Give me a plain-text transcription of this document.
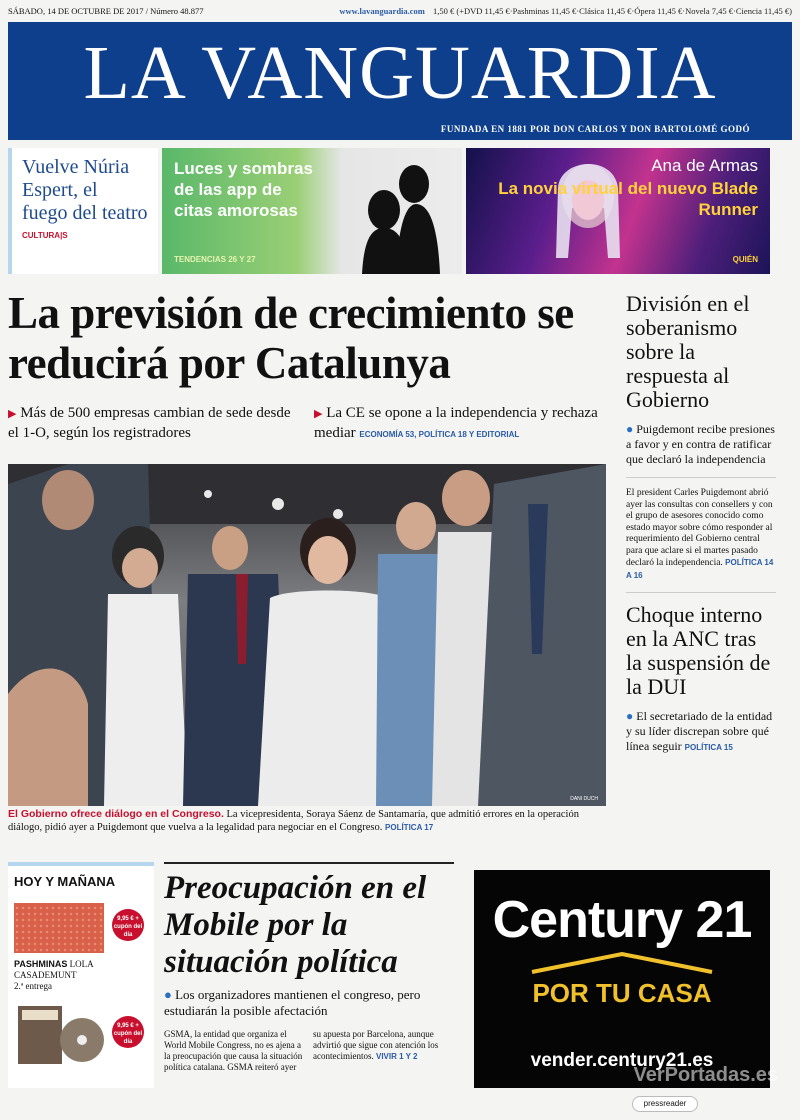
SÁBADO, 14 DE OCTUBRE DE 2017 / Número 48.877	www.lavanguardia.com 1,50 € (+DVD 11,45 €·Pashminas 11,45 €·Clásica 11,45 €·Ópera 11,45 €·Novela 7,45 €·Ciencia 11,45 €)
LA VANGUARDIA
FUNDADA EN 1881 POR DON CARLOS Y DON BARTOLOMÉ GODÓ
Vuelve Núria Espert, el fuego del teatro
CULTURA|S
Luces y sombras de las app de citas amorosas
TENDENCIAS 26 Y 27
Ana de Armas
La novia virtual del nuevo Blade Runner
QUIÉN
La previsión de crecimiento se reducirá por Catalunya
▶ Más de 500 empresas cambian de sede desde el 1-O, según los registradores
▶ La CE se opone a la independencia y rechaza mediar ECONOMÍA 53, POLÍTICA 18 Y EDITORIAL
DANI DUCH
El Gobierno ofrece diálogo en el Congreso. La vicepresidenta, Soraya Sáenz de Santamaría, que admitió errores en la operación diálogo, pidió ayer a Puigdemont que vuelva a la legalidad para negociar en el Congreso. POLÍTICA 17
División en el soberanismo sobre la respuesta al Gobierno
● Puigdemont recibe presiones a favor y en contra de ratificar que declaró la independencia
El president Carles Puigdemont abrió ayer las consultas con consellers y con el grupo de asesores conocido como estado mayor sobre cómo responder al requerimiento del Gobierno central para que aclare si el martes pasado declaró la independencia. POLÍTICA 14 A 16
Choque interno en la ANC tras la suspensión de la DUI
● El secretariado de la entidad y su líder discrepan sobre qué línea seguir POLÍTICA 15
HOY Y MAÑANA
9,95 € + cupón del día
PASHMINAS LOLA CASADEMUNT
2.ª entrega
9,95 € + cupón del día
Preocupación en el Mobile por la situación política
● Los organizadores mantienen el congreso, pero estudiarán la posible afectación
GSMA, la entidad que organiza el World Mobile Congress, no es ajena a la preocupación que causa la situación política catalana. GSMA reiteró ayer su apuesta por Barcelona, aunque advirtió que sigue con atención los acontecimientos. VIVIR 1 Y 2
Century 21
POR TU CASA
vender.century21.es
VerPortadas.es
pressreader
